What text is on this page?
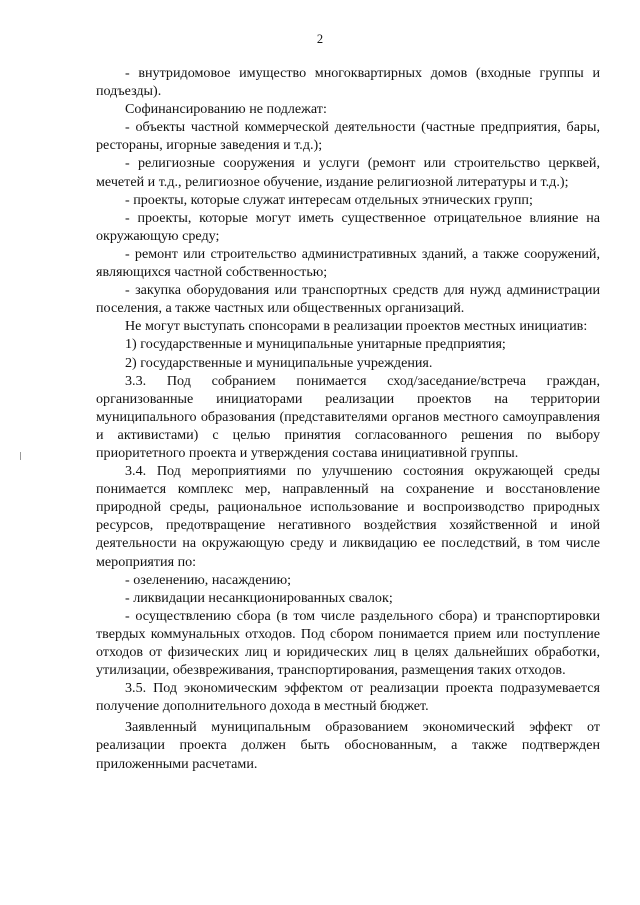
2

- внутридомовое имущество многоквартирных домов (входные группы и подъезды).

Софинансированию не подлежат:

- объекты частной коммерческой деятельности (частные предприятия, бары, рестораны, игорные заведения и т.д.);

- религиозные сооружения и услуги (ремонт или строительство церквей, мечетей и т.д., религиозное обучение, издание религиозной литературы и т.д.);

- проекты, которые служат интересам отдельных этнических групп;

- проекты, которые могут иметь существенное отрицательное влияние на окружающую среду;

- ремонт или строительство административных зданий, а также сооружений, являющихся частной собственностью;

- закупка оборудования или транспортных средств для нужд администрации поселения, а также частных или общественных организаций.

Не могут выступать спонсорами в реализации проектов местных инициатив:

1) государственные и муниципальные унитарные предприятия;

2) государственные и муниципальные учреждения.

3.3. Под собранием понимается сход/заседание/встреча граждан, организованные инициаторами реализации проектов на территории муниципального образования (представителями органов местного самоуправления и активистами) с целью принятия согласованного решения по выбору приоритетного проекта и утверждения состава инициативной группы.

3.4. Под мероприятиями по улучшению состояния окружающей среды понимается комплекс мер, направленный на сохранение и восстановление природной среды, рациональное использование и воспроизводство природных ресурсов, предотвращение негативного воздействия хозяйственной и иной деятельности на окружающую среду и ликвидацию ее последствий, в том числе мероприятия по:

- озеленению, насаждению;

- ликвидации несанкционированных свалок;

- осуществлению сбора (в том числе раздельного сбора) и транспортировки твердых коммунальных отходов. Под сбором понимается прием или поступление отходов от физических лиц и юридических лиц в целях дальнейших обработки, утилизации, обезвреживания, транспортирования, размещения таких отходов.

3.5. Под экономическим эффектом от реализации проекта подразумевается получение дополнительного дохода в местный бюджет.

Заявленный муниципальным образованием экономический эффект от реализации проекта должен быть обоснованным, а также подтвержден приложенными расчетами.
